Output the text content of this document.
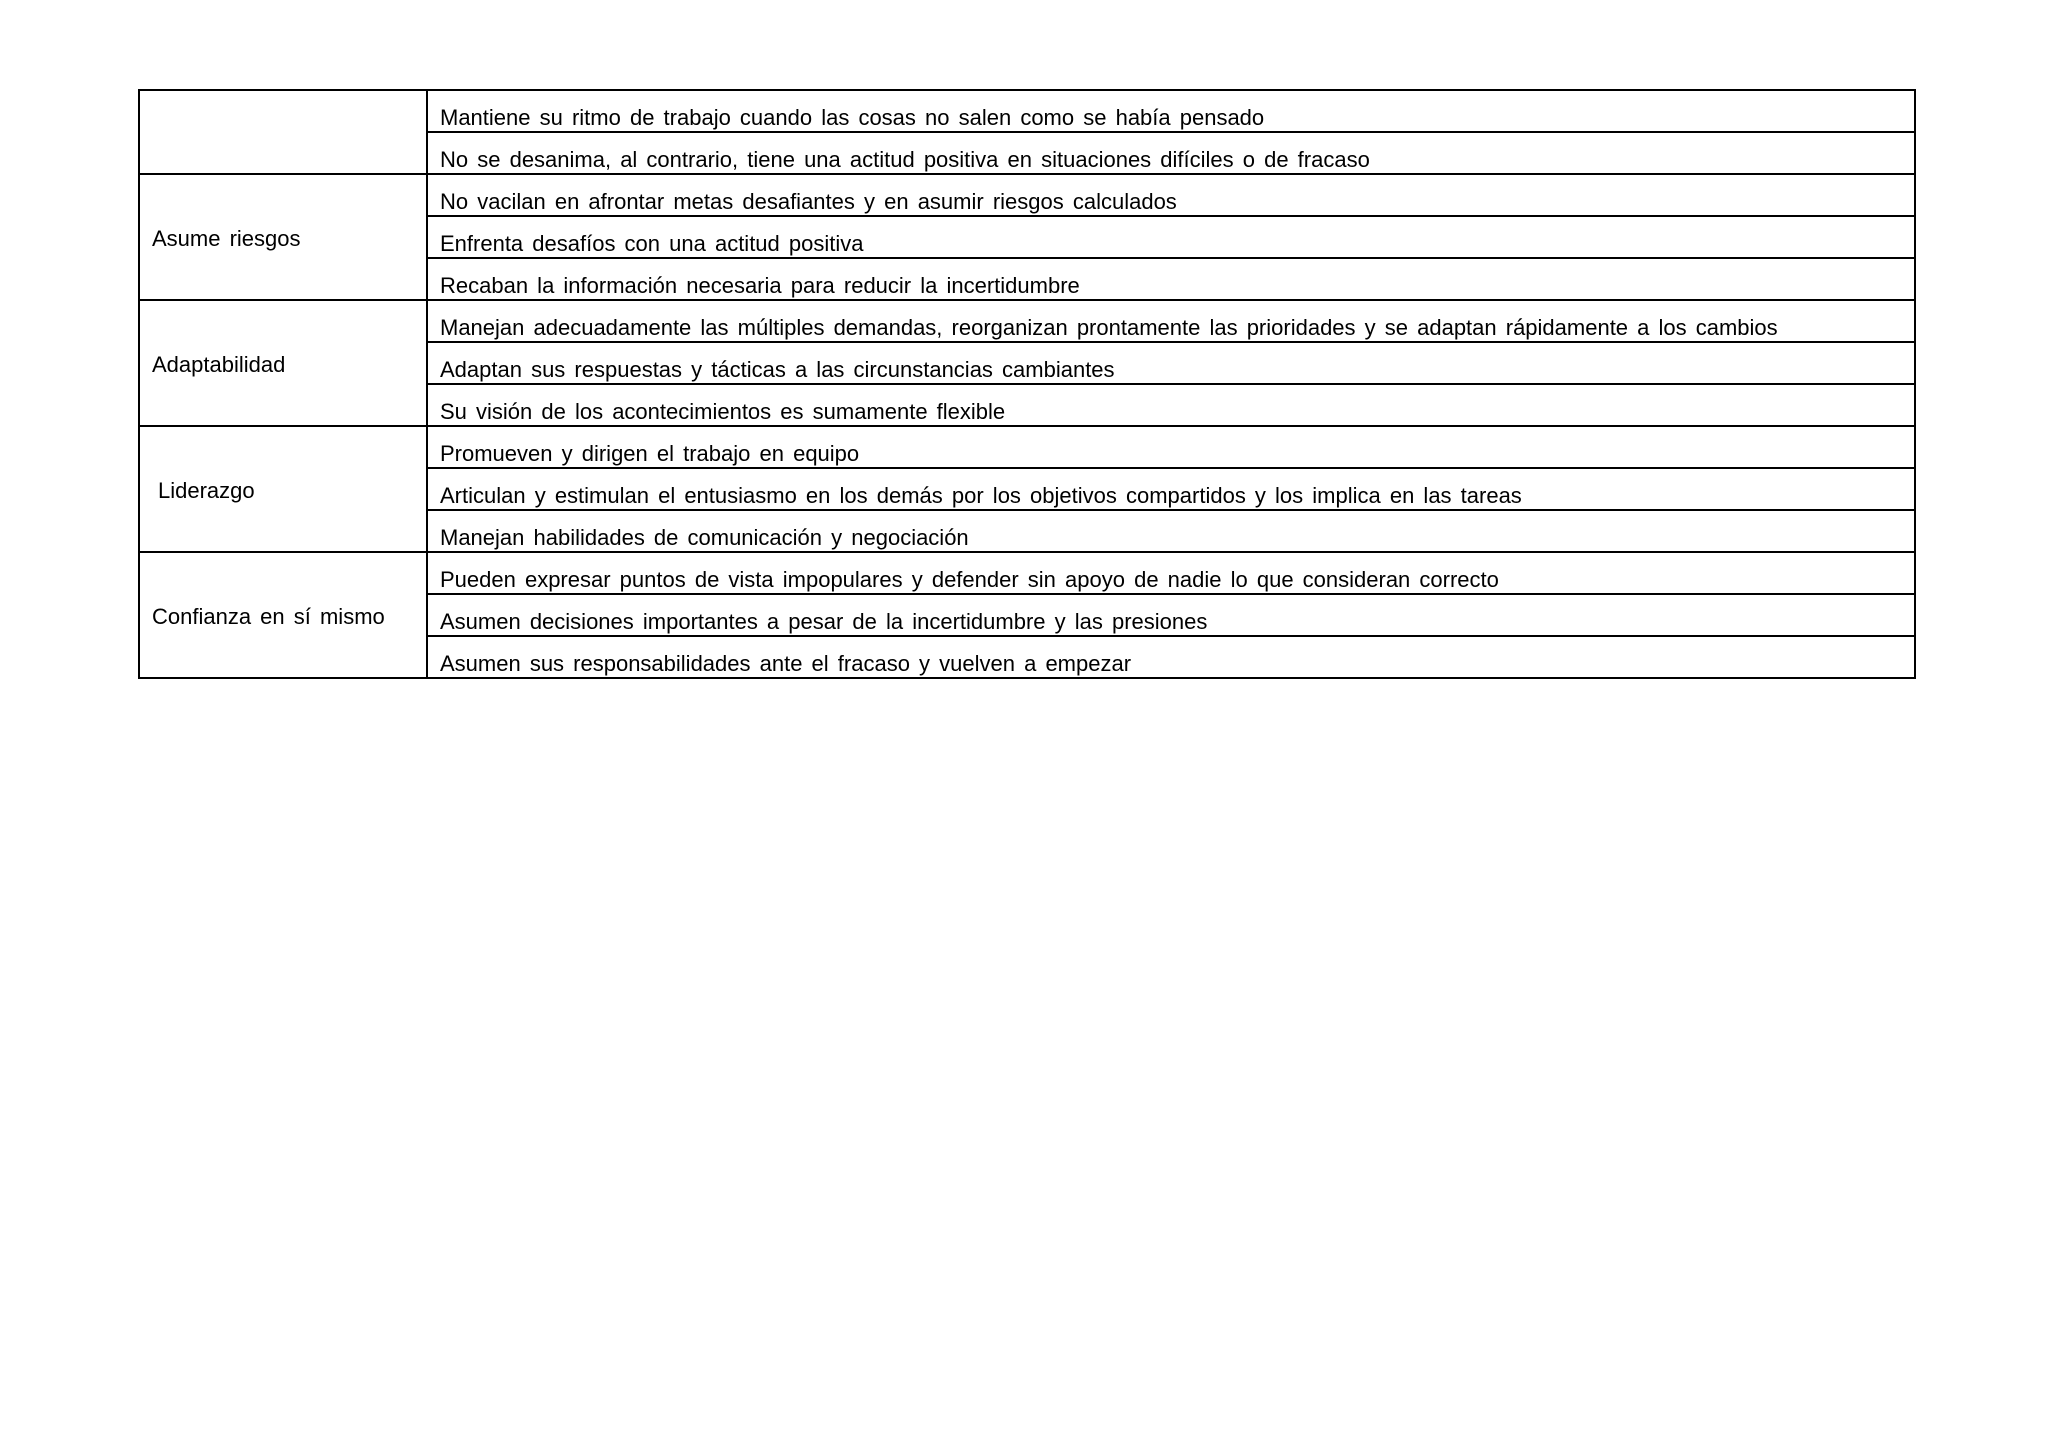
	Mantiene su ritmo de trabajo cuando las cosas no salen como se había pensado
	No se desanima, al contrario, tiene una actitud positiva en situaciones difíciles o de fracaso
Asume riesgos	No vacilan en afrontar metas desafiantes y en asumir riesgos calculados
	Enfrenta desafíos con una actitud positiva
	Recaban la información necesaria para reducir la incertidumbre
Adaptabilidad	Manejan adecuadamente las múltiples demandas, reorganizan prontamente las prioridades y se adaptan rápidamente a los cambios
	Adaptan sus respuestas y tácticas a las circunstancias cambiantes
	Su visión de los acontecimientos es sumamente flexible
Liderazgo	Promueven y dirigen el trabajo en equipo
	Articulan y estimulan el entusiasmo en los demás por los objetivos compartidos y los implica en las tareas
	Manejan habilidades de comunicación y negociación
Confianza en sí mismo	Pueden expresar puntos de vista impopulares y defender sin apoyo de nadie lo que consideran correcto
	Asumen decisiones importantes a pesar de la incertidumbre y las presiones
	Asumen sus responsabilidades ante el fracaso y vuelven a empezar
